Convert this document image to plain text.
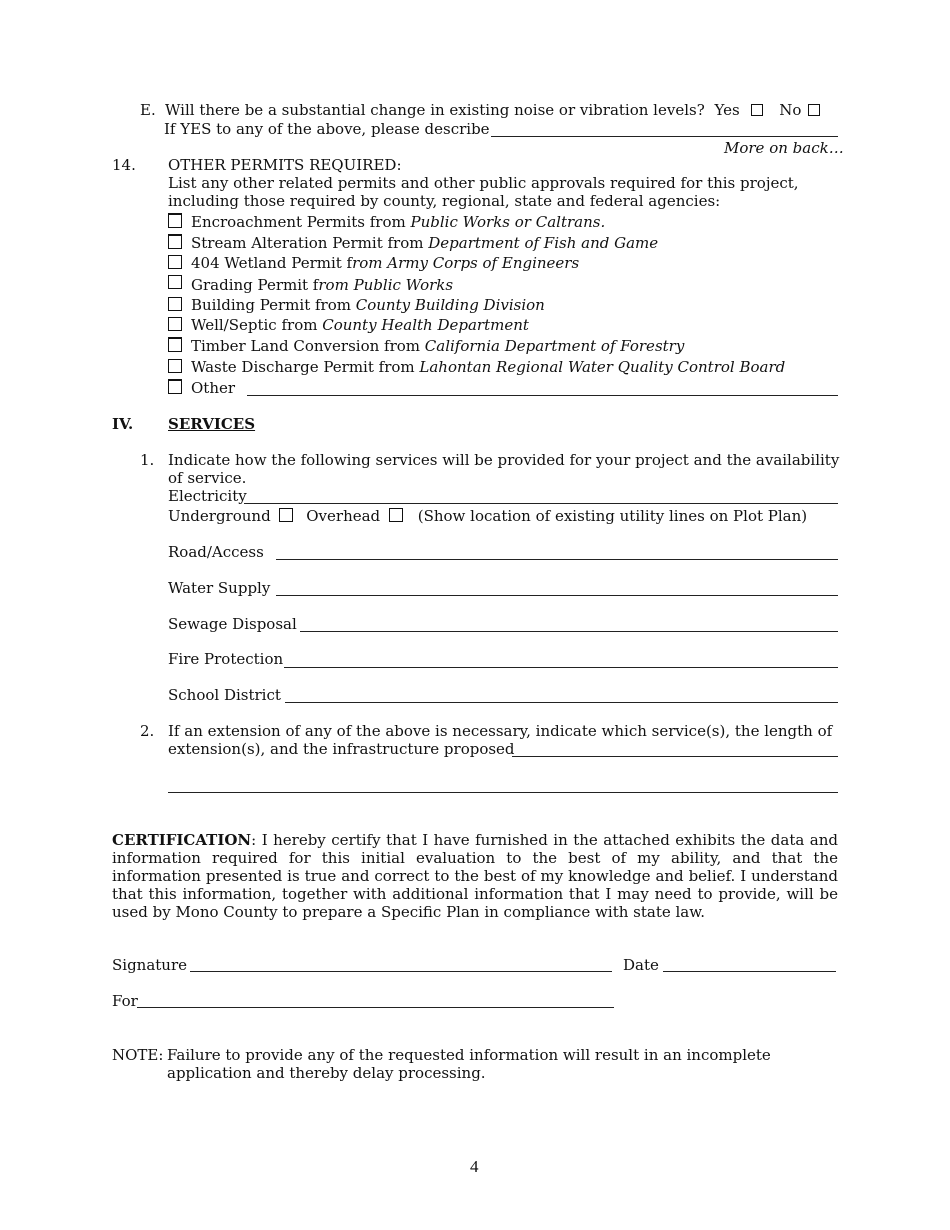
E. Will there be a substantial change in existing noise or vibration levels? Yes	No
If YES to any of the above, please describe
More on back…
14. OTHER PERMITS REQUIRED:
List any other related permits and other public approvals required for this project,
including those required by county, regional, state and federal agencies:
Encroachment Permits from Public Works or Caltrans.
Stream Alteration Permit from Department of Fish and Game
404 Wetland Permit from Army Corps of Engineers
Grading Permit from Public Works
Building Permit from County Building Division
Well/Septic from County Health Department
Timber Land Conversion from California Department of Forestry
Waste Discharge Permit from Lahontan Regional Water Quality Control Board
Other
IV. SERVICES
1. Indicate how the following services will be provided for your project and the availability
of service.
Electricity
Underground Overhead	(Show location of existing utility lines on Plot Plan)
Road/Access
Water Supply
Sewage Disposal
Fire Protection
School District
2. If an extension of any of the above is necessary, indicate which service(s), the length of
extension(s), and the infrastructure proposed
CERTIFICATION: I hereby certify that I have furnished in the attached exhibits the data and information required for this initial evaluation to the best of my ability, and that the information presented is true and correct to the best of my knowledge and belief. I understand that this information, together with additional information that I may need to provide, will be used by Mono County to prepare a Specific Plan in compliance with state law.
Signature	Date
For
NOTE: Failure to provide any of the requested information will result in an incomplete
application and thereby delay processing.
4
